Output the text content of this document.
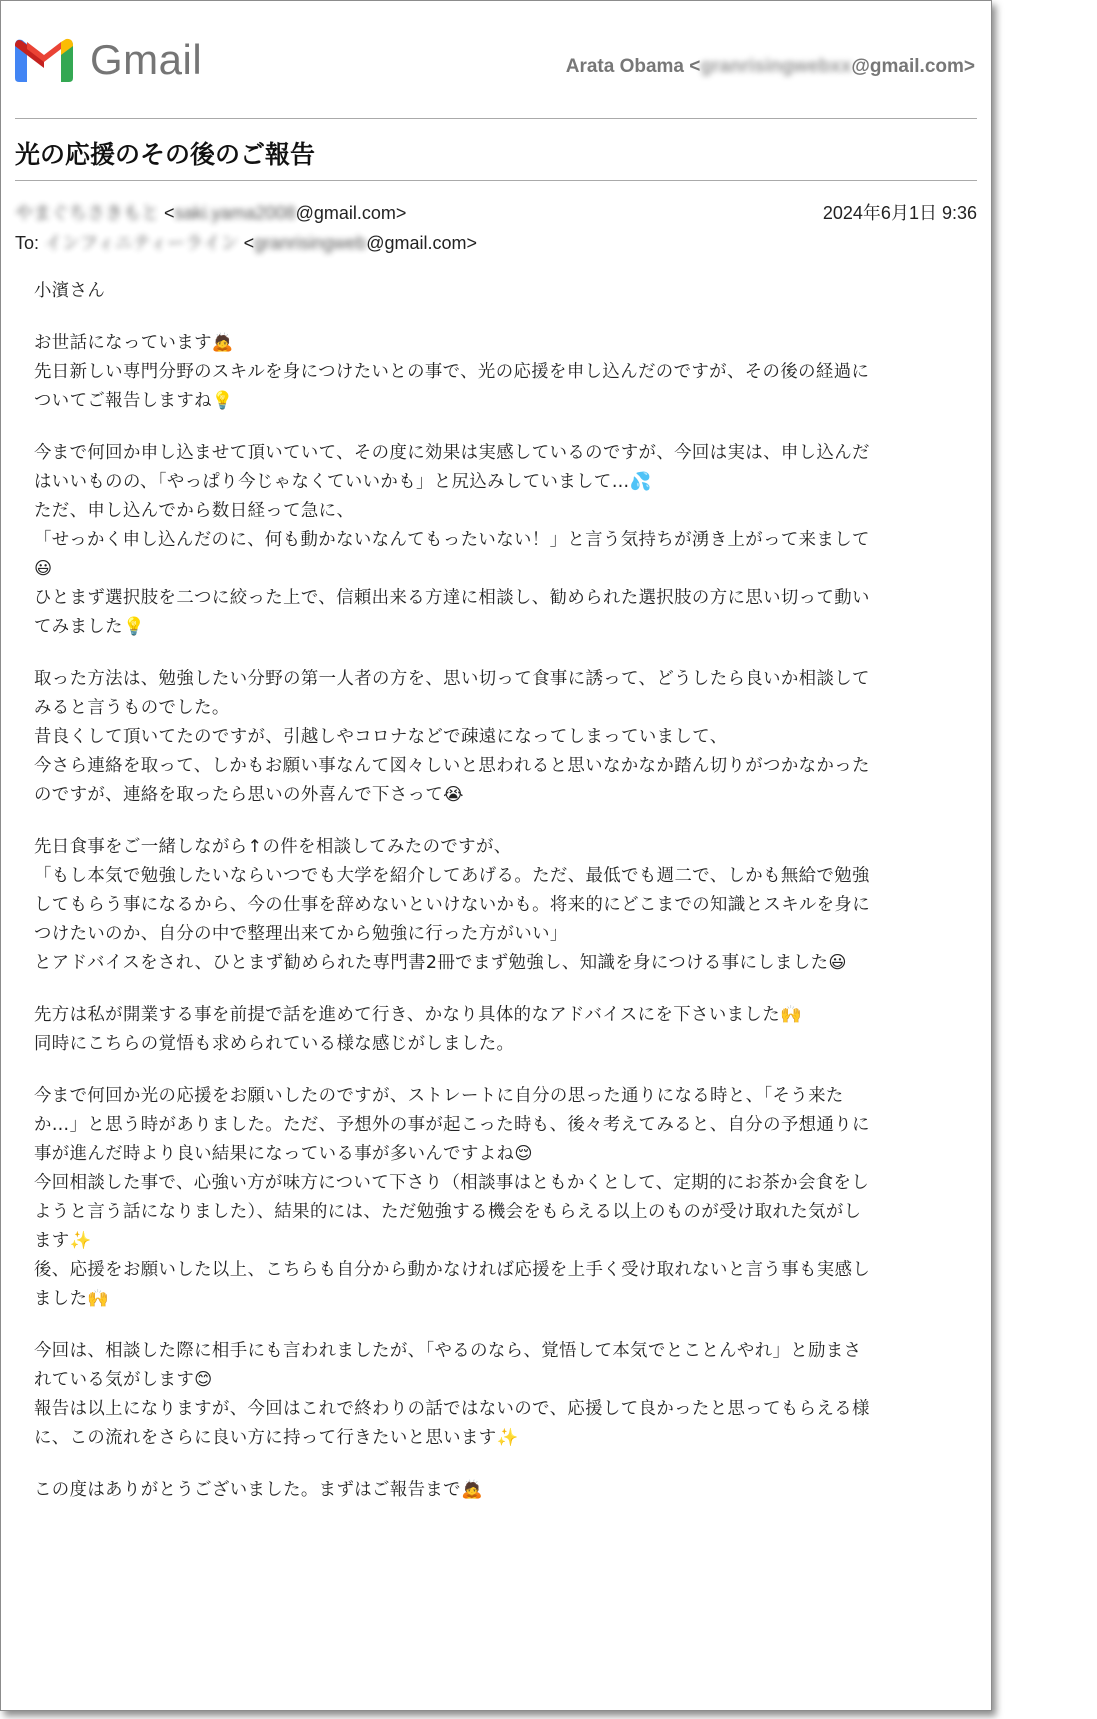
Gmail	Arata Obama <granrisingwebxx@gmail.com>
光の応援のその後のご報告
やまぐちさきもと <saki.yama2008@gmail.com>	2024年6月1日 9:36
To: インフィニティーライン <granrisingweb@gmail.com>
小濱さん
お世話になっています🙇
先日新しい専門分野のスキルを身につけたいとの事で、光の応援を申し込んだのですが、その後の経過に
ついてご報告しますね💡
今まで何回か申し込ませて頂いていて、その度に効果は実感しているのですが、今回は実は、申し込んだ
はいいものの、「やっぱり今じゃなくていいかも」と尻込みしていまして…💦
ただ、申し込んでから数日経って急に、
「せっかく申し込んだのに、何も動かないなんてもったいない！」と言う気持ちが湧き上がって来まして
😃
ひとまず選択肢を二つに絞った上で、信頼出来る方達に相談し、勧められた選択肢の方に思い切って動い
てみました💡
取った方法は、勉強したい分野の第一人者の方を、思い切って食事に誘って、どうしたら良いか相談して
みると言うものでした。
昔良くして頂いてたのですが、引越しやコロナなどで疎遠になってしまっていまして、
今さら連絡を取って、しかもお願い事なんて図々しいと思われると思いなかなか踏ん切りがつかなかった
のですが、連絡を取ったら思いの外喜んで下さって😭
先日食事をご一緒しながら↑の件を相談してみたのですが、
「もし本気で勉強したいならいつでも大学を紹介してあげる。ただ、最低でも週二で、しかも無給で勉強
してもらう事になるから、今の仕事を辞めないといけないかも。将来的にどこまでの知識とスキルを身に
つけたいのか、自分の中で整理出来てから勉強に行った方がいい」
とアドバイスをされ、ひとまず勧められた専門書2冊でまず勉強し、知識を身につける事にしました😃
先方は私が開業する事を前提で話を進めて行き、かなり具体的なアドバイスにを下さいました🙌
同時にこちらの覚悟も求められている様な感じがしました。
今まで何回か光の応援をお願いしたのですが、ストレートに自分の思った通りになる時と、「そう来た
か…」と思う時がありました。ただ、予想外の事が起こった時も、後々考えてみると、自分の予想通りに
事が進んだ時より良い結果になっている事が多いんですよね😌
今回相談した事で、心強い方が味方について下さり（相談事はともかくとして、定期的にお茶か会食をし
ようと言う話になりました）、結果的には、ただ勉強する機会をもらえる以上のものが受け取れた気がし
ます✨
後、応援をお願いした以上、こちらも自分から動かなければ応援を上手く受け取れないと言う事も実感し
ました🙌
今回は、相談した際に相手にも言われましたが、「やるのなら、覚悟して本気でとことんやれ」と励まさ
れている気がします😊
報告は以上になりますが、今回はこれで終わりの話ではないので、応援して良かったと思ってもらえる様
に、この流れをさらに良い方に持って行きたいと思います✨
この度はありがとうございました。まずはご報告まで🙇
